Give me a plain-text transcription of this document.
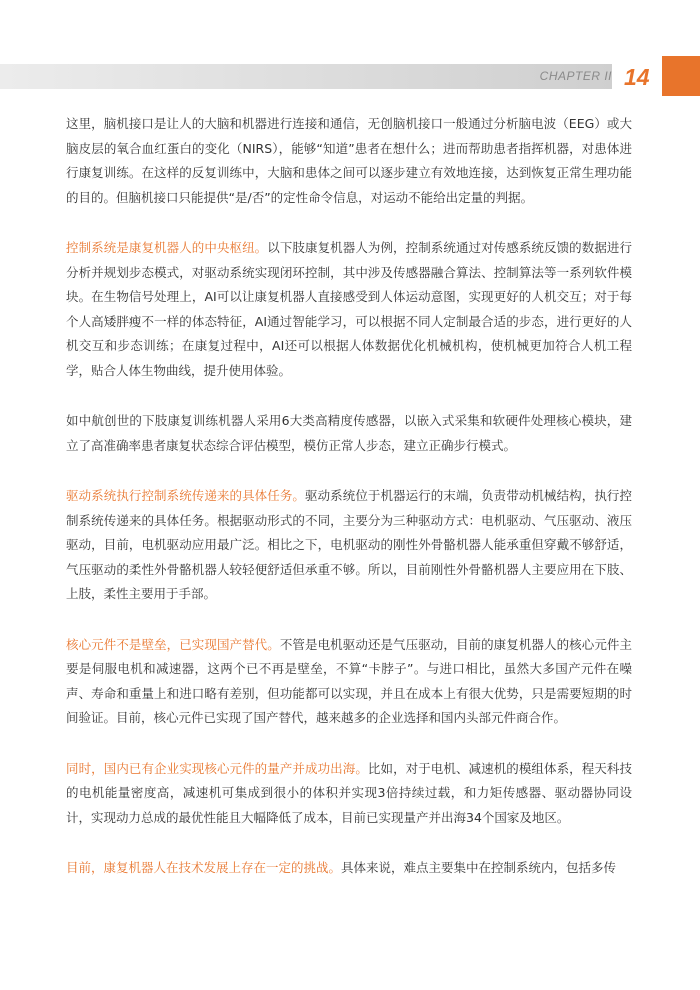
CHAPTER II 14

这里，脑机接口是让人的大脑和机器进行连接和通信，无创脑机接口一般通过分析脑电波（EEG）或大脑皮层的氧合血红蛋白的变化（NIRS），能够“知道”患者在想什么；进而帮助患者指挥机器，对患体进行康复训练。在这样的反复训练中，大脑和患体之间可以逐步建立有效地连接，达到恢复正常生理功能的目的。但脑机接口只能提供“是/否”的定性命令信息，对运动不能给出定量的判据。

控制系统是康复机器人的中央枢纽。以下肢康复机器人为例，控制系统通过对传感系统反馈的数据进行分析并规划步态模式，对驱动系统实现闭环控制，其中涉及传感器融合算法、控制算法等一系列软件模块。在生物信号处理上，AI可以让康复机器人直接感受到人体运动意图，实现更好的人机交互；对于每个人高矮胖瘦不一样的体态特征，AI通过智能学习，可以根据不同人定制最合适的步态，进行更好的人机交互和步态训练；在康复过程中，AI还可以根据人体数据优化机械机构，使机械更加符合人机工程学，贴合人体生物曲线，提升使用体验。

如中航创世的下肢康复训练机器人采用6大类高精度传感器，以嵌入式采集和软硬件处理核心模块，建立了高准确率患者康复状态综合评估模型，模仿正常人步态，建立正确步行模式。

驱动系统执行控制系统传递来的具体任务。驱动系统位于机器运行的末端，负责带动机械结构，执行控制系统传递来的具体任务。根据驱动形式的不同，主要分为三种驱动方式：电机驱动、气压驱动、液压驱动，目前，电机驱动应用最广泛。相比之下，电机驱动的刚性外骨骼机器人能承重但穿戴不够舒适，气压驱动的柔性外骨骼机器人较轻便舒适但承重不够。所以，目前刚性外骨骼机器人主要应用在下肢、上肢，柔性主要用于手部。

核心元件不是壁垒，已实现国产替代。不管是电机驱动还是气压驱动，目前的康复机器人的核心元件主要是伺服电机和减速器，这两个已不再是壁垒，不算“卡脖子”。与进口相比，虽然大多国产元件在噪声、寿命和重量上和进口略有差别，但功能都可以实现，并且在成本上有很大优势，只是需要短期的时间验证。目前，核心元件已实现了国产替代，越来越多的企业选择和国内头部元件商合作。

同时，国内已有企业实现核心元件的量产并成功出海。比如，对于电机、减速机的模组体系，程天科技的电机能量密度高，减速机可集成到很小的体积并实现3倍持续过载，和力矩传感器、驱动器协同设计，实现动力总成的最优性能且大幅降低了成本，目前已实现量产并出海34个国家及地区。

目前，康复机器人在技术发展上存在一定的挑战。具体来说，难点主要集中在控制系统内，包括多传
